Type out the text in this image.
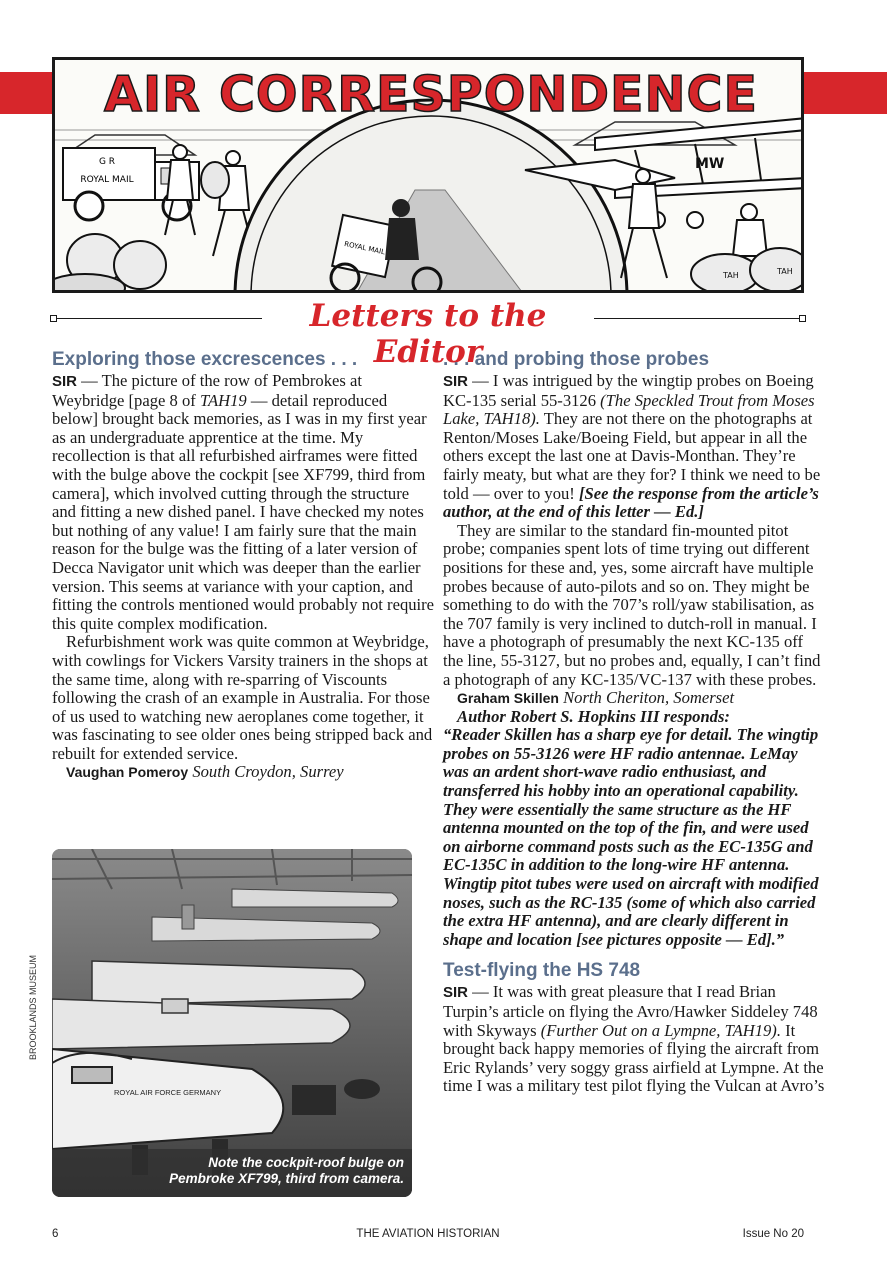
G R
ROYAL MAIL
ROYAL MAIL
MW
TAH	TAH
AIR CORRESPONDENCE
Letters to the Editor
Exploring those excrescences . . .

SIR — The picture of the row of Pembrokes at Weybridge [page 8 of TAH19 — detail reproduced below] brought back memories, as I was in my first year as an undergraduate apprentice at the time. My recollection is that all refurbished airframes were fitted with the bulge above the cockpit [see XF799, third from camera], which involved cutting through the structure and fitting a new dished panel. I have checked my notes but nothing of any value! I am fairly sure that the main reason for the bulge was the fitting of a later version of Decca Navigator unit which was deeper than the earlier version. This seems at variance with your caption, and fitting the controls mentioned would probably not require this quite complex modification.

Refurbishment work was quite common at Weybridge, with cowlings for Vickers Varsity trainers in the shops at the same time, along with re-sparring of Viscounts following the crash of an example in Australia. For those of us used to watching new aeroplanes come together, it was fascinating to see older ones being stripped back and rebuilt for extended service.

Vaughan Pomeroy South Croydon, Surrey

ROYAL AIR FORCE GERMANY
Note the cockpit-roof bulge on
Pembroke XF799, third from camera.
BROOKLANDS MUSEUM
. . . and probing those probes

SIR — I was intrigued by the wingtip probes on Boeing KC-135 serial 55-3126 (The Speckled Trout from Moses Lake, TAH18). They are not there on the photographs at Renton/Moses Lake/Boeing Field, but appear in all the others except the last one at Davis-Monthan. They’re fairly meaty, but what are they for? I think we need to be told — over to you! [See the response from the article’s author, at the end of this letter — Ed.]

They are similar to the standard fin-mounted pitot probe; companies spent lots of time trying out different positions for these and, yes, some aircraft have multiple probes because of auto-pilots and so on. They might be something to do with the 707’s roll/yaw stabilisation, as the 707 family is very inclined to dutch-roll in manual. I have a photograph of presumably the next KC-135 off the line, 55-3127, but no probes and, equally, I can’t find a photograph of any KC-135/VC-137 with these probes.

Graham Skillen North Cheriton, Somerset

Author Robert S. Hopkins III responds:

“Reader Skillen has a sharp eye for detail. The wingtip probes on 55-3126 were HF radio antennae. LeMay was an ardent short-wave radio enthusiast, and transferred his hobby into an operational capability. They were essentially the same structure as the HF antenna mounted on the top of the fin, and were used on airborne command posts such as the EC-135G and EC-135C in addition to the long-wire HF antenna. Wingtip pitot tubes were used on aircraft with modified noses, such as the RC-135 (some of which also carried the extra HF antenna), and are clearly different in shape and location [see pictures opposite — Ed].”

Test-flying the HS 748

SIR — It was with great pleasure that I read Brian Turpin’s article on flying the Avro/Hawker Siddeley 748 with Skyways (Further Out on a Lympne, TAH19). It brought back happy memories of flying the aircraft from Eric Rylands’ very soggy grass airfield at Lympne. At the time I was a military test pilot flying the Vulcan at Avro’s

6	THE AVIATION HISTORIAN	Issue No 20
